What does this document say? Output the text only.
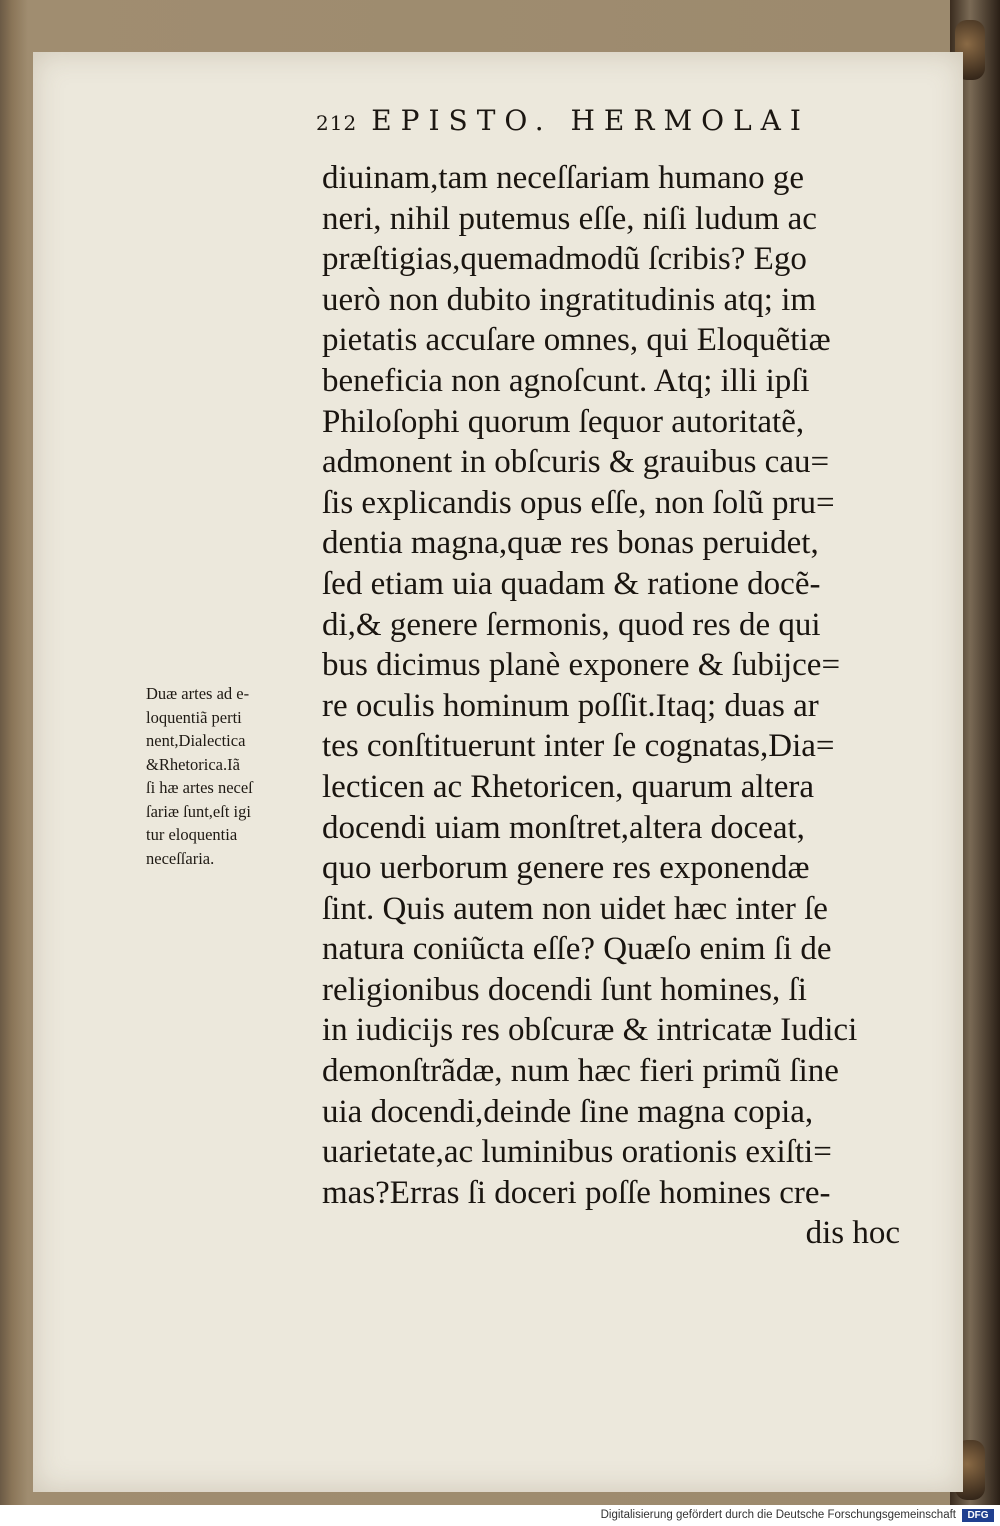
212 EPISTO. HERMOLAI
diuinam,tam neceſſariam humano ge
neri, nihil putemus eſſe, niſi ludum ac
præſtigias,quemadmodũ ſcribis? Ego
uerò non dubito ingratitudinis atq; im
pietatis accuſare omnes, qui Eloquẽtiæ
beneficia non agnoſcunt. Atq; illi ipſi
Philoſophi quorum ſequor autoritatẽ,
admonent in obſcuris & grauibus cau=
ſis explicandis opus eſſe, non ſolũ pru=
dentia magna,quæ res bonas peruidet,
ſed etiam uia quadam & ratione docẽ-
di,& genere ſermonis, quod res de qui
bus dicimus planè exponere & ſubijce=
re oculis hominum poſſit.Itaq; duas ar
tes conſtituerunt inter ſe cognatas,Dia=
lecticen ac Rhetoricen, quarum altera
docendi uiam monſtret,altera doceat,
quo uerborum genere res exponendæ
ſint. Quis autem non uidet hæc inter ſe
natura coniũcta eſſe? Quæſo enim ſi de
religionibus docendi ſunt homines, ſi
in iudicijs res obſcuræ & intricatæ Iudici
demonſtrãdæ, num hæc fieri primũ ſine
uia docendi,deinde ſine magna copia,
uarietate,ac luminibus orationis exiſti=
mas?Erras ſi doceri poſſe homines cre-
dis hoc
Duæ artes ad e-
loquentiã perti
nent,Dialectica
&Rhetorica.Iã
ſi hæ artes neceſ
ſariæ ſunt,eſt igi
tur eloquentia
neceſſaria.
Digitalisierung gefördert durch die Deutsche Forschungsgemeinschaft	DFG
